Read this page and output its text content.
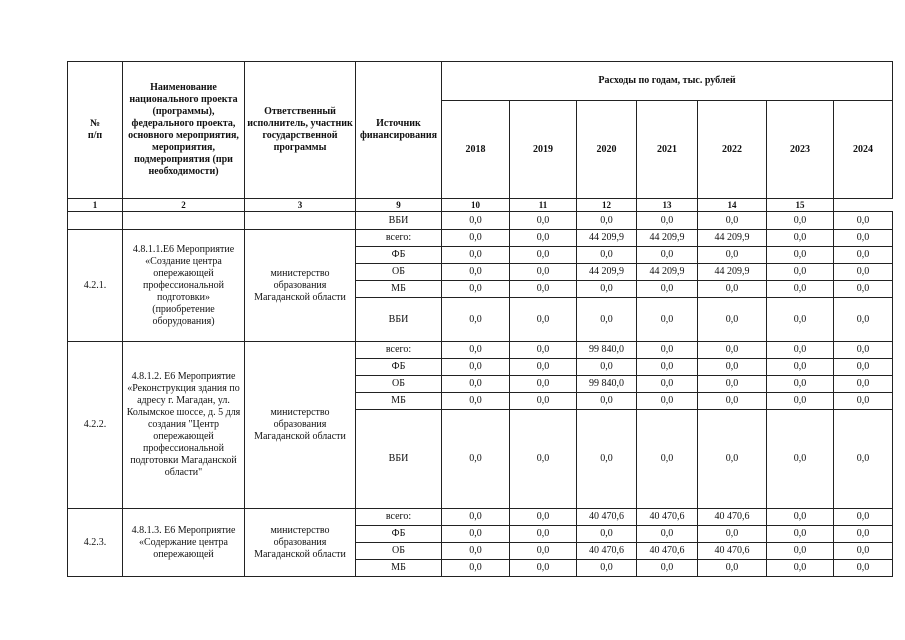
№
п/п	Наименование национального проекта (программы), федерального проекта, основного мероприятия, мероприятия, подмероприятия (при необходимости)	Ответственный исполнитель, участник государственной программы	Источник финансирования	Расходы по годам, тыс. рублей						
				2018	2019	2020	2021	2022	2023	2024
1	2	3	9	10	11	12	13	14	15	
			ВБИ	0,0	0,0	0,0	0,0	0,0	0,0	0,0
4.2.1.	4.8.1.1.Е6 Мероприятие «Создание центра опережающей профессиональной подготовки» (приобретение оборудования)	министерство образования Магаданской области	всего:	0,0	0,0	44 209,9	44 209,9	44 209,9	0,0	0,0
			ФБ	0,0	0,0	0,0	0,0	0,0	0,0	0,0
			ОБ	0,0	0,0	44 209,9	44 209,9	44 209,9	0,0	0,0
			МБ	0,0	0,0	0,0	0,0	0,0	0,0	0,0
			ВБИ	0,0	0,0	0,0	0,0	0,0	0,0	0,0
4.2.2.	4.8.1.2. Е6 Мероприятие «Реконструкция здания по адресу г. Магадан, ул. Колымское шоссе, д. 5 для создания "Центр опережающей профессиональной подготовки Магаданской области"	министерство образования Магаданской области	всего:	0,0	0,0	99 840,0	0,0	0,0	0,0	0,0
			ФБ	0,0	0,0	0,0	0,0	0,0	0,0	0,0
			ОБ	0,0	0,0	99 840,0	0,0	0,0	0,0	0,0
			МБ	0,0	0,0	0,0	0,0	0,0	0,0	0,0
			ВБИ	0,0	0,0	0,0	0,0	0,0	0,0	0,0
4.2.3.	4.8.1.3. Е6 Мероприятие «Содержание центра опережающей	министерство образования Магаданской области	всего:	0,0	0,0	40 470,6	40 470,6	40 470,6	0,0	0,0
			ФБ	0,0	0,0	0,0	0,0	0,0	0,0	0,0
			ОБ	0,0	0,0	40 470,6	40 470,6	40 470,6	0,0	0,0
			МБ	0,0	0,0	0,0	0,0	0,0	0,0	0,0
